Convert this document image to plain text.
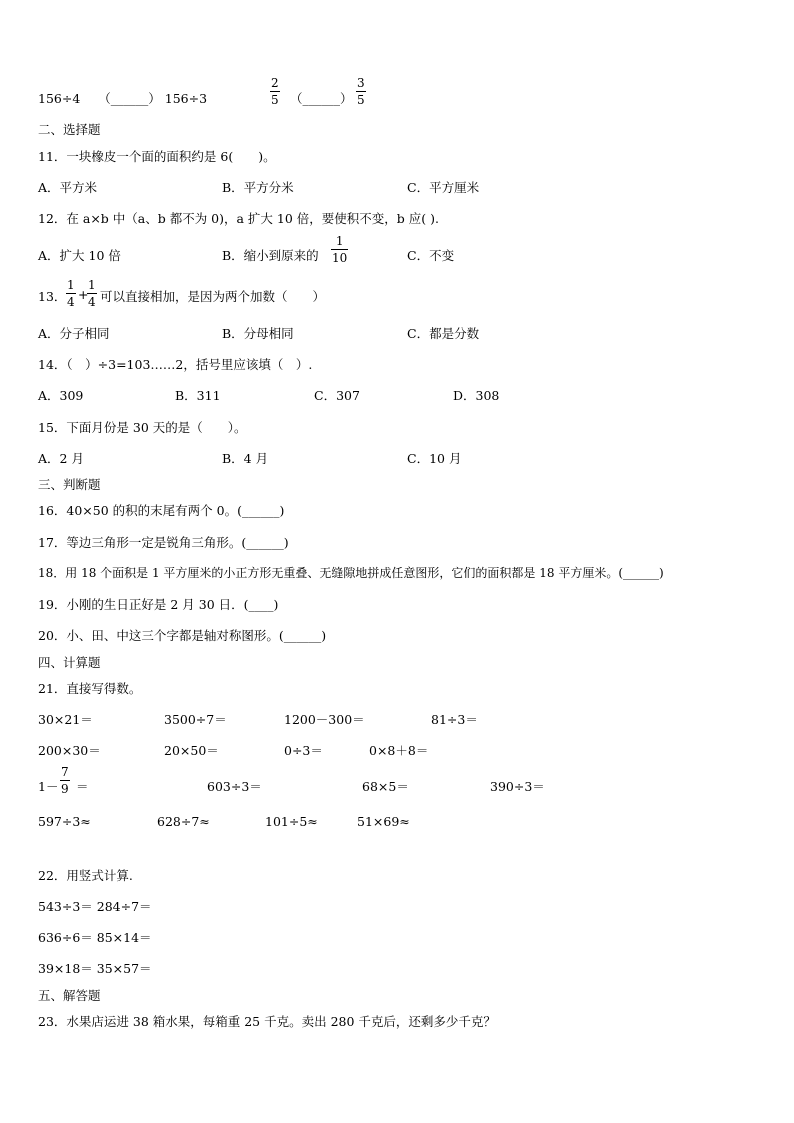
156÷4 （______） 156÷3
2
5 （______）
3
5
二、选择题
11．一块橡皮一个面的面积约是 6(　　)。
A．平方米	B．平方分米	C．平方厘米
12．在 a×b 中（a、b 都不为 0)，a 扩大 10 倍，要使积不变，b 应( ).
A．扩大 10 倍	B．缩小到原来的
1
10	C．不变
13．
1
4 +
1
4 可以直接相加，是因为两个加数（　　）
A．分子相同	B．分母相同	C．都是分数
14．（　）÷3=103……2，括号里应该填（　）.
A．309	B．311	C．307	D．308
15．下面月份是 30 天的是（　　）。
A．2 月	B．4 月	C．10 月
三、判断题
16．40×50 的积的末尾有两个 0。(______)
17．等边三角形一定是锐角三角形。(______)
18．用 18 个面积是 1 平方厘米的小正方形无重叠、无缝隙地拼成任意图形，它们的面积都是 18 平方厘米。(______)
19．小刚的生日正好是 2 月 30 日．(____)
20．小、田、中这三个字都是轴对称图形。(______)
四、计算题
21．直接写得数。
30×21＝	3500÷7＝	1200－300＝	81÷3＝
200×30＝	20×50＝	0÷3＝	0×8＋8＝
1－
7
9 ＝	603÷3＝	68×5＝	390÷3＝
597÷3≈	628÷7≈	101÷5≈	51×69≈
22．用竖式计算.
543÷3＝ 284÷7＝
636÷6＝ 85×14＝
39×18＝ 35×57＝
五、解答题
23．水果店运进 38 箱水果，每箱重 25 千克。卖出 280 千克后，还剩多少千克？
